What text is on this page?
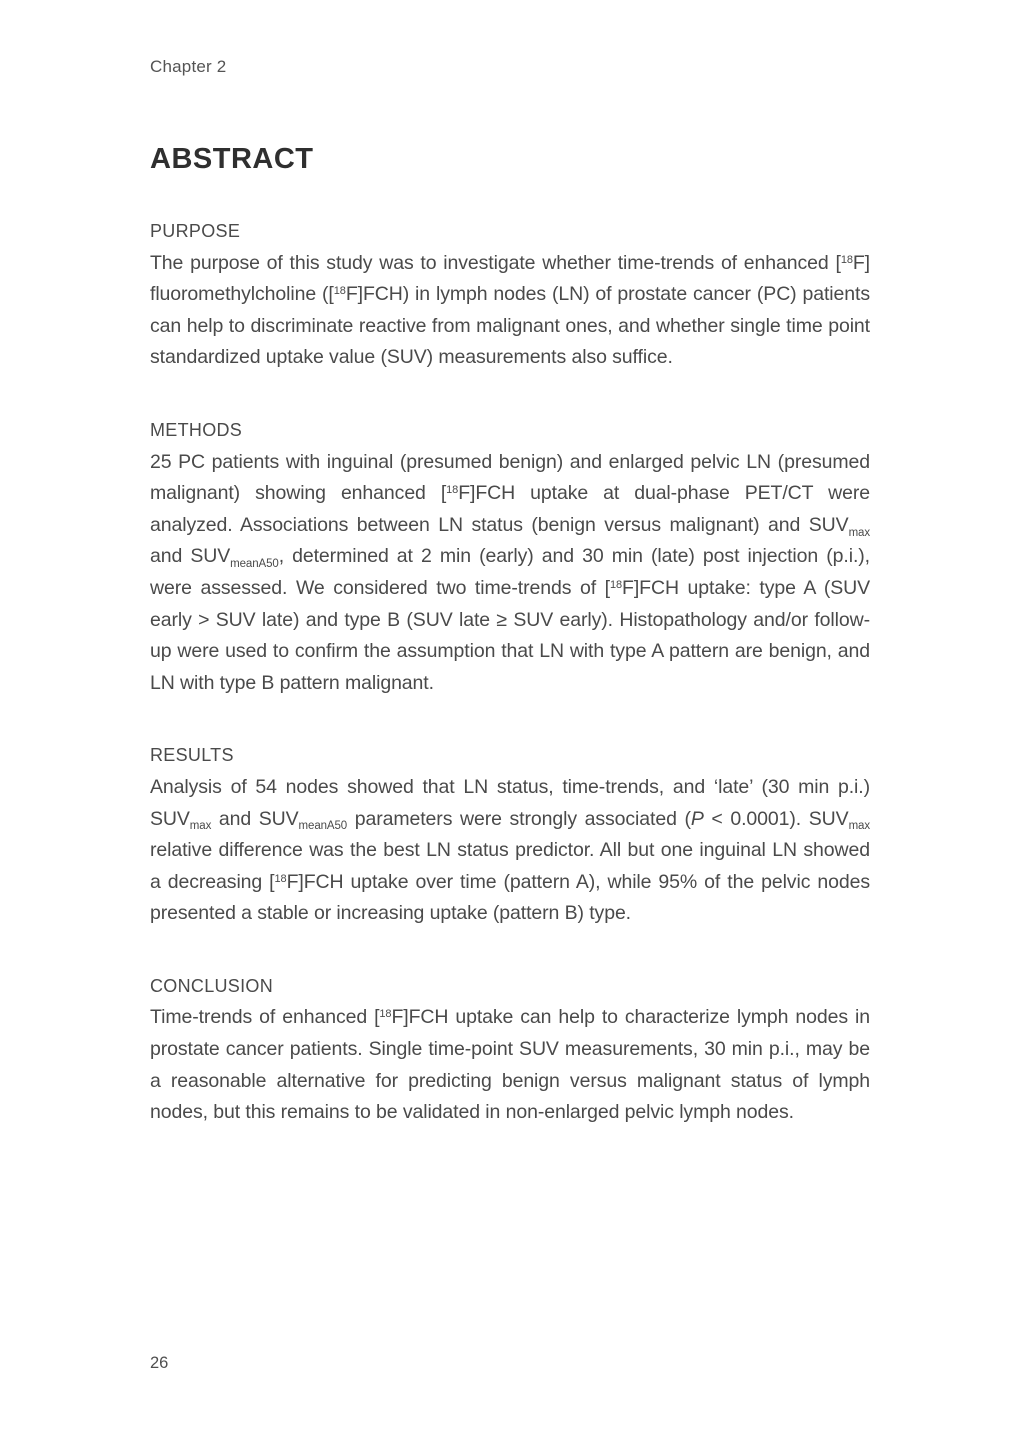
Chapter 2
ABSTRACT
PURPOSE

The purpose of this study was to investigate whether time-trends of enhanced [$^{18}$F] fluoromethylcholine ([$^{18}$F]FCH) in lymph nodes (LN) of prostate cancer (PC) patients can help to discriminate reactive from malignant ones, and whether single time point standardized uptake value (SUV) measurements also suffice.

METHODS

25 PC patients with inguinal (presumed benign) and enlarged pelvic LN (presumed malignant) showing enhanced [$^{18}$F]FCH uptake at dual-phase PET/CT were analyzed. Associations between LN status (benign versus malignant) and $SUV_{max}$ and $SUV_{meanA50}$, determined at 2 min (early) and 30 min (late) post injection (p.i.), were assessed. We considered two time-trends of [$^{18}$F]FCH uptake: type A (SUV early > SUV late) and type B (SUV late ≥ SUV early). Histopathology and/or follow-up were used to confirm the assumption that LN with type A pattern are benign, and LN with type B pattern malignant.

RESULTS

Analysis of 54 nodes showed that LN status, time-trends, and ‘late’ (30 min p.i.) $SUV_{max}$ and $SUV_{meanA50}$ parameters were strongly associated (P < 0.0001). $SUV_{max}$ relative difference was the best LN status predictor. All but one inguinal LN showed a decreasing [$^{18}$F]FCH uptake over time (pattern A), while 95% of the pelvic nodes presented a stable or increasing uptake (pattern B) type.

CONCLUSION

Time-trends of enhanced [$^{18}$F]FCH uptake can help to characterize lymph nodes in prostate cancer patients. Single time-point SUV measurements, 30 min p.i., may be a reasonable alternative for predicting benign versus malignant status of lymph nodes, but this remains to be validated in non-enlarged pelvic lymph nodes.

26
